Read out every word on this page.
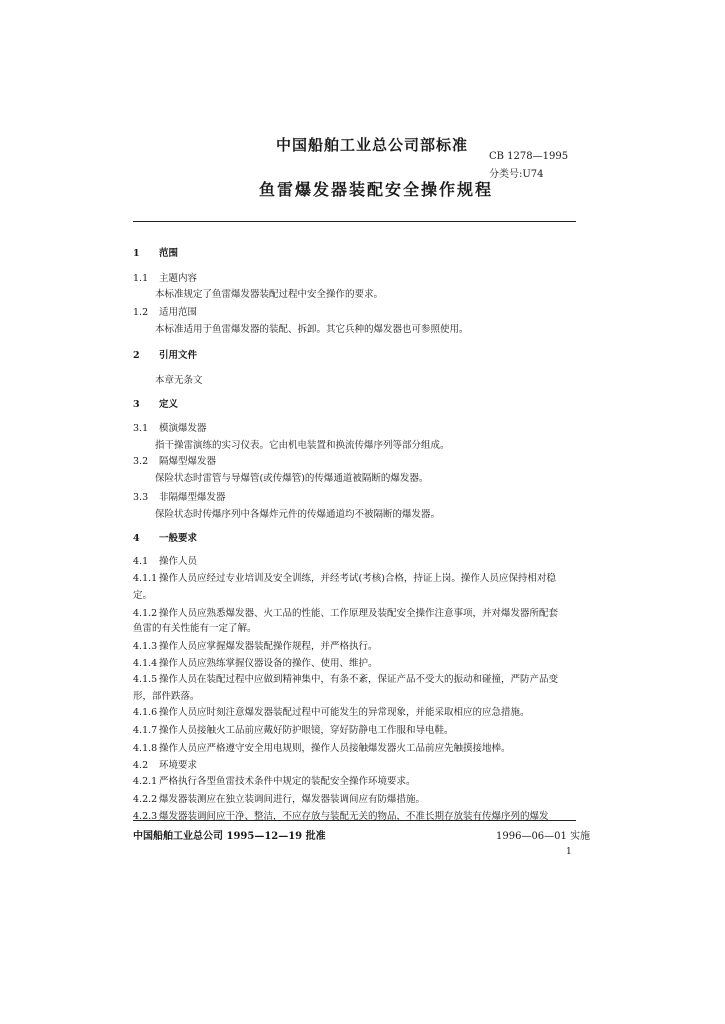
中国船舶工业总公司部标准
CB 1278—1995
分类号:U74
鱼雷爆发器装配安全操作规程
1 范围
1.1 主题内容
本标准规定了鱼雷爆发器装配过程中安全操作的要求。
1.2 适用范围
本标准适用于鱼雷爆发器的装配、拆卸。其它兵种的爆发器也可参照使用。
2 引用文件
本章无条文
3 定义
3.1 模演爆发器
指干操雷演练的实习仪表。它由机电装置和换流传爆序列等部分组成。
3.2 隔爆型爆发器
保险状态时雷管与导爆管(或传爆管)的传爆通道被隔断的爆发器。
3.3 非隔爆型爆发器
保险状态时传爆序列中各爆炸元件的传爆通道均不被隔断的爆发器。
4 一般要求
4.1 操作人员
4.1.1 操作人员应经过专业培训及安全训练，并经考试(考核)合格，持证上岗。操作人员应保持相对稳
定。
4.1.2 操作人员应熟悉爆发器、火工品的性能、工作原理及装配安全操作注意事项，并对爆发器所配套
鱼雷的有关性能有一定了解。
4.1.3 操作人员应掌握爆发器装配操作规程，并严格执行。
4.1.4 操作人员应熟练掌握仪器设备的操作、使用、维护。
4.1.5 操作人员在装配过程中应做到精神集中，有条不紊，保证产品不受大的振动和碰撞，严防产品变
形，部件跌落。
4.1.6 操作人员应时刻注意爆发器装配过程中可能发生的异常现象，并能采取相应的应急措施。
4.1.7 操作人员接触火工品前应戴好防护眼镜，穿好防静电工作服和导电鞋。
4.1.8 操作人员应严格遵守安全用电规则，操作人员接触爆发器火工品前应先触摸接地棒。
4.2 环境要求
4.2.1 严格执行各型鱼雷技术条件中规定的装配安全操作环境要求。
4.2.2 爆发器装测应在独立装调间进行，爆发器装调间应有防爆措施。
4.2.3 爆发器装调间应干净、整洁，不应存放与装配无关的物品，不准长期存放装有传爆序列的爆发
中国船舶工业总公司 1995—12—19 批准	1996—06—01 实施
1
